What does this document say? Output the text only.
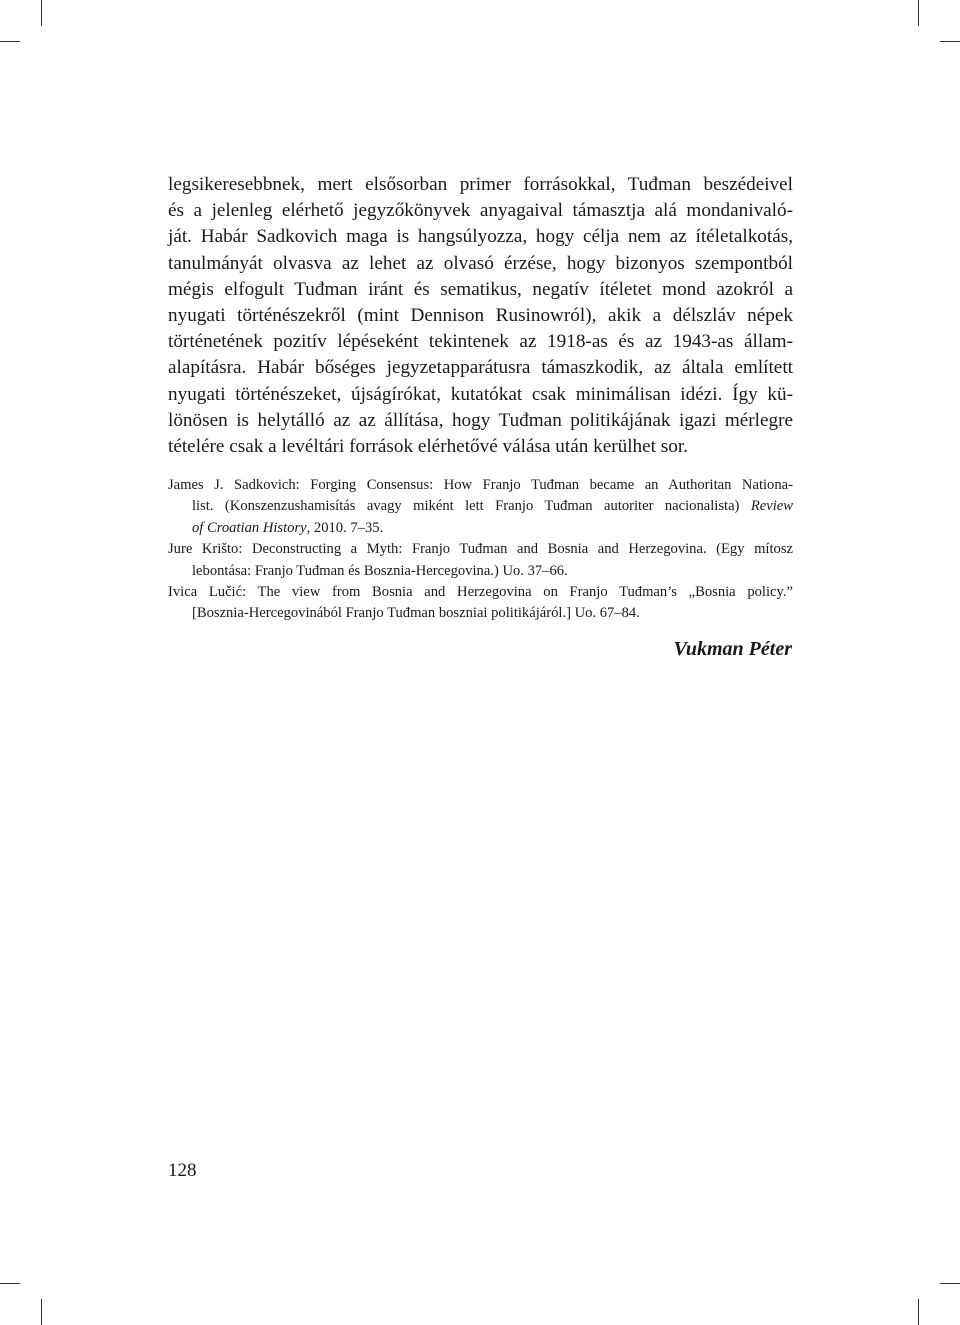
legsikeresebbnek, mert elsősorban primer forrásokkal, Tuđman beszédeivel
és a jelenleg elérhető jegyzőkönyvek anyagaival támasztja alá mondanivaló-
ját. Habár Sadkovich maga is hangsúlyozza, hogy célja nem az ítéletalkotás,
tanulmányát olvasva az lehet az olvasó érzése, hogy bizonyos szempontból
mégis elfogult Tuđman iránt és sematikus, negatív ítéletet mond azokról a
nyugati történészekről (mint Dennison Rusinowról), akik a délszláv népek
történetének pozitív lépéseként tekintenek az 1918-as és az 1943-as állam-
alapításra. Habár bőséges jegyzetapparátusra támaszkodik, az általa említett
nyugati történészeket, újságírókat, kutatókat csak minimálisan idézi. Így kü-
lönösen is helytálló az az állítása, hogy Tuđman politikájának igazi mérlegre
tételére csak a levéltári források elérhetővé válása után kerülhet sor.
James J. Sadkovich: Forging Consensus: How Franjo Tuđman became an Authoritan Nationa-
list. (Konszenzushamisítás avagy miként lett Franjo Tuđman autoriter nacionalista) Review
of Croatian History, 2010. 7–35.
Jure Krišto: Deconstructing a Myth: Franjo Tuđman and Bosnia and Herzegovina. (Egy mítosz
lebontása: Franjo Tuđman és Bosznia-Hercegovina.) Uo. 37–66.
Ivica Lučić: The view from Bosnia and Herzegovina on Franjo Tuđman’s „Bosnia policy.”
[Bosznia-Hercegovinából Franjo Tuđman boszniai politikájáról.] Uo. 67–84.

Vukman Péter

128
